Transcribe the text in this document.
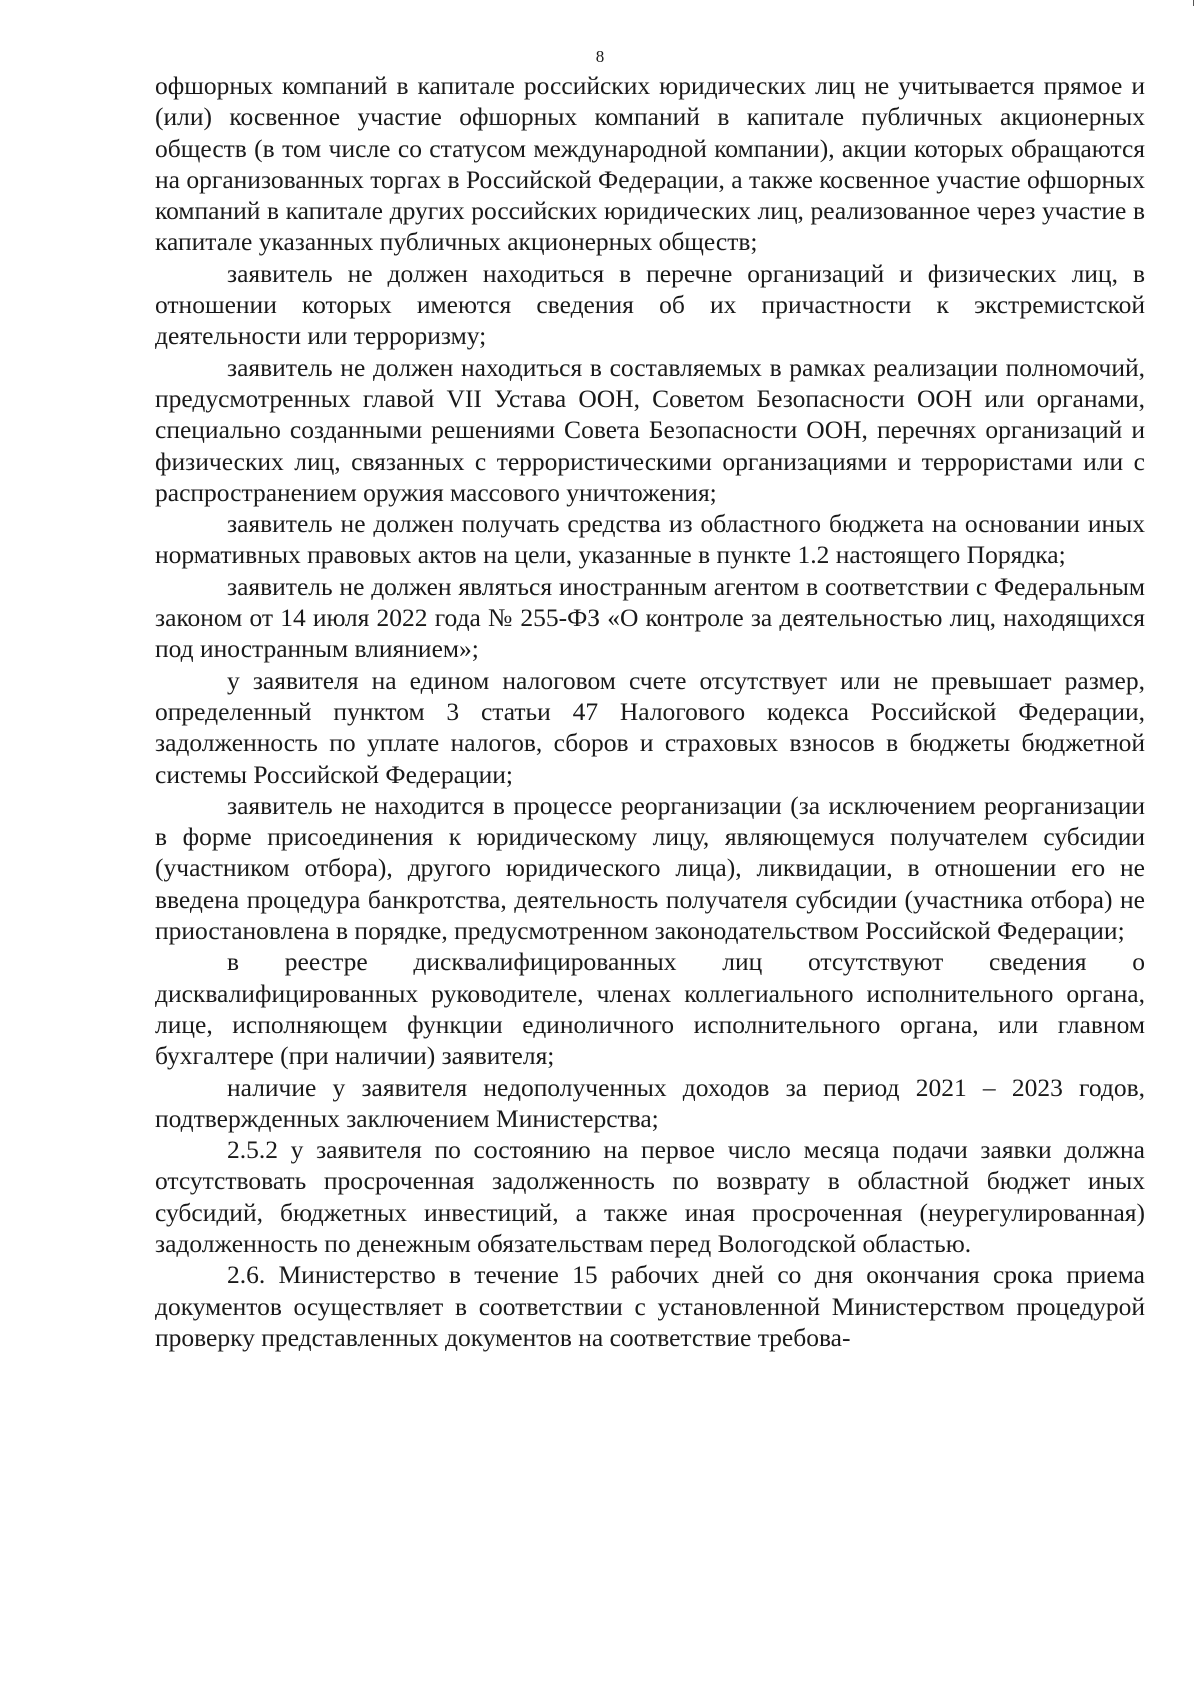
8

офшорных компаний в капитале российских юридических лиц не учитывается прямое и (или) косвенное участие офшорных компаний в капитале публичных акционерных обществ (в том числе со статусом международной компании), акции которых обращаются на организованных торгах в Российской Федерации, а также косвенное участие офшорных компаний в капитале других российских юридических лиц, реализованное через участие в капитале указанных публичных акционерных обществ;

заявитель не должен находиться в перечне организаций и физических лиц, в отношении которых имеются сведения об их причастности к экстремистской деятельности или терроризму;

заявитель не должен находиться в составляемых в рамках реализации полномочий, предусмотренных главой VII Устава ООН, Советом Безопасности ООН или органами, специально созданными решениями Совета Безопасности ООН, перечнях организаций и физических лиц, связанных с террористическими организациями и террористами или с распространением оружия массового уничтожения;

заявитель не должен получать средства из областного бюджета на основании иных нормативных правовых актов на цели, указанные в пункте 1.2 настоящего Порядка;

заявитель не должен являться иностранным агентом в соответствии с Федеральным законом от 14 июля 2022 года № 255-ФЗ «О контроле за деятельностью лиц, находящихся под иностранным влиянием»;

у заявителя на едином налоговом счете отсутствует или не превышает размер, определенный пунктом 3 статьи 47 Налогового кодекса Российской Федерации, задолженность по уплате налогов, сборов и страховых взносов в бюджеты бюджетной системы Российской Федерации;

заявитель не находится в процессе реорганизации (за исключением реорганизации в форме присоединения к юридическому лицу, являющемуся получателем субсидии (участником отбора), другого юридического лица), ликвидации, в отношении его не введена процедура банкротства, деятельность получателя субсидии (участника отбора) не приостановлена в порядке, предусмотренном законодательством Российской Федерации;

в реестре дисквалифицированных лиц отсутствуют сведения о дисквалифицированных руководителе, членах коллегиального исполнительного органа, лице, исполняющем функции единоличного исполнительного органа, или главном бухгалтере (при наличии) заявителя;

наличие у заявителя недополученных доходов за период 2021 – 2023 годов, подтвержденных заключением Министерства;

2.5.2 у заявителя по состоянию на первое число месяца подачи заявки должна отсутствовать просроченная задолженность по возврату в областной бюджет иных субсидий, бюджетных инвестиций, а также иная просроченная (неурегулированная) задолженность по денежным обязательствам перед Вологодской областью.

2.6. Министерство в течение 15 рабочих дней со дня окончания срока приема документов осуществляет в соответствии с установленной Министерством процедурой проверку представленных документов на соответствие требова-
